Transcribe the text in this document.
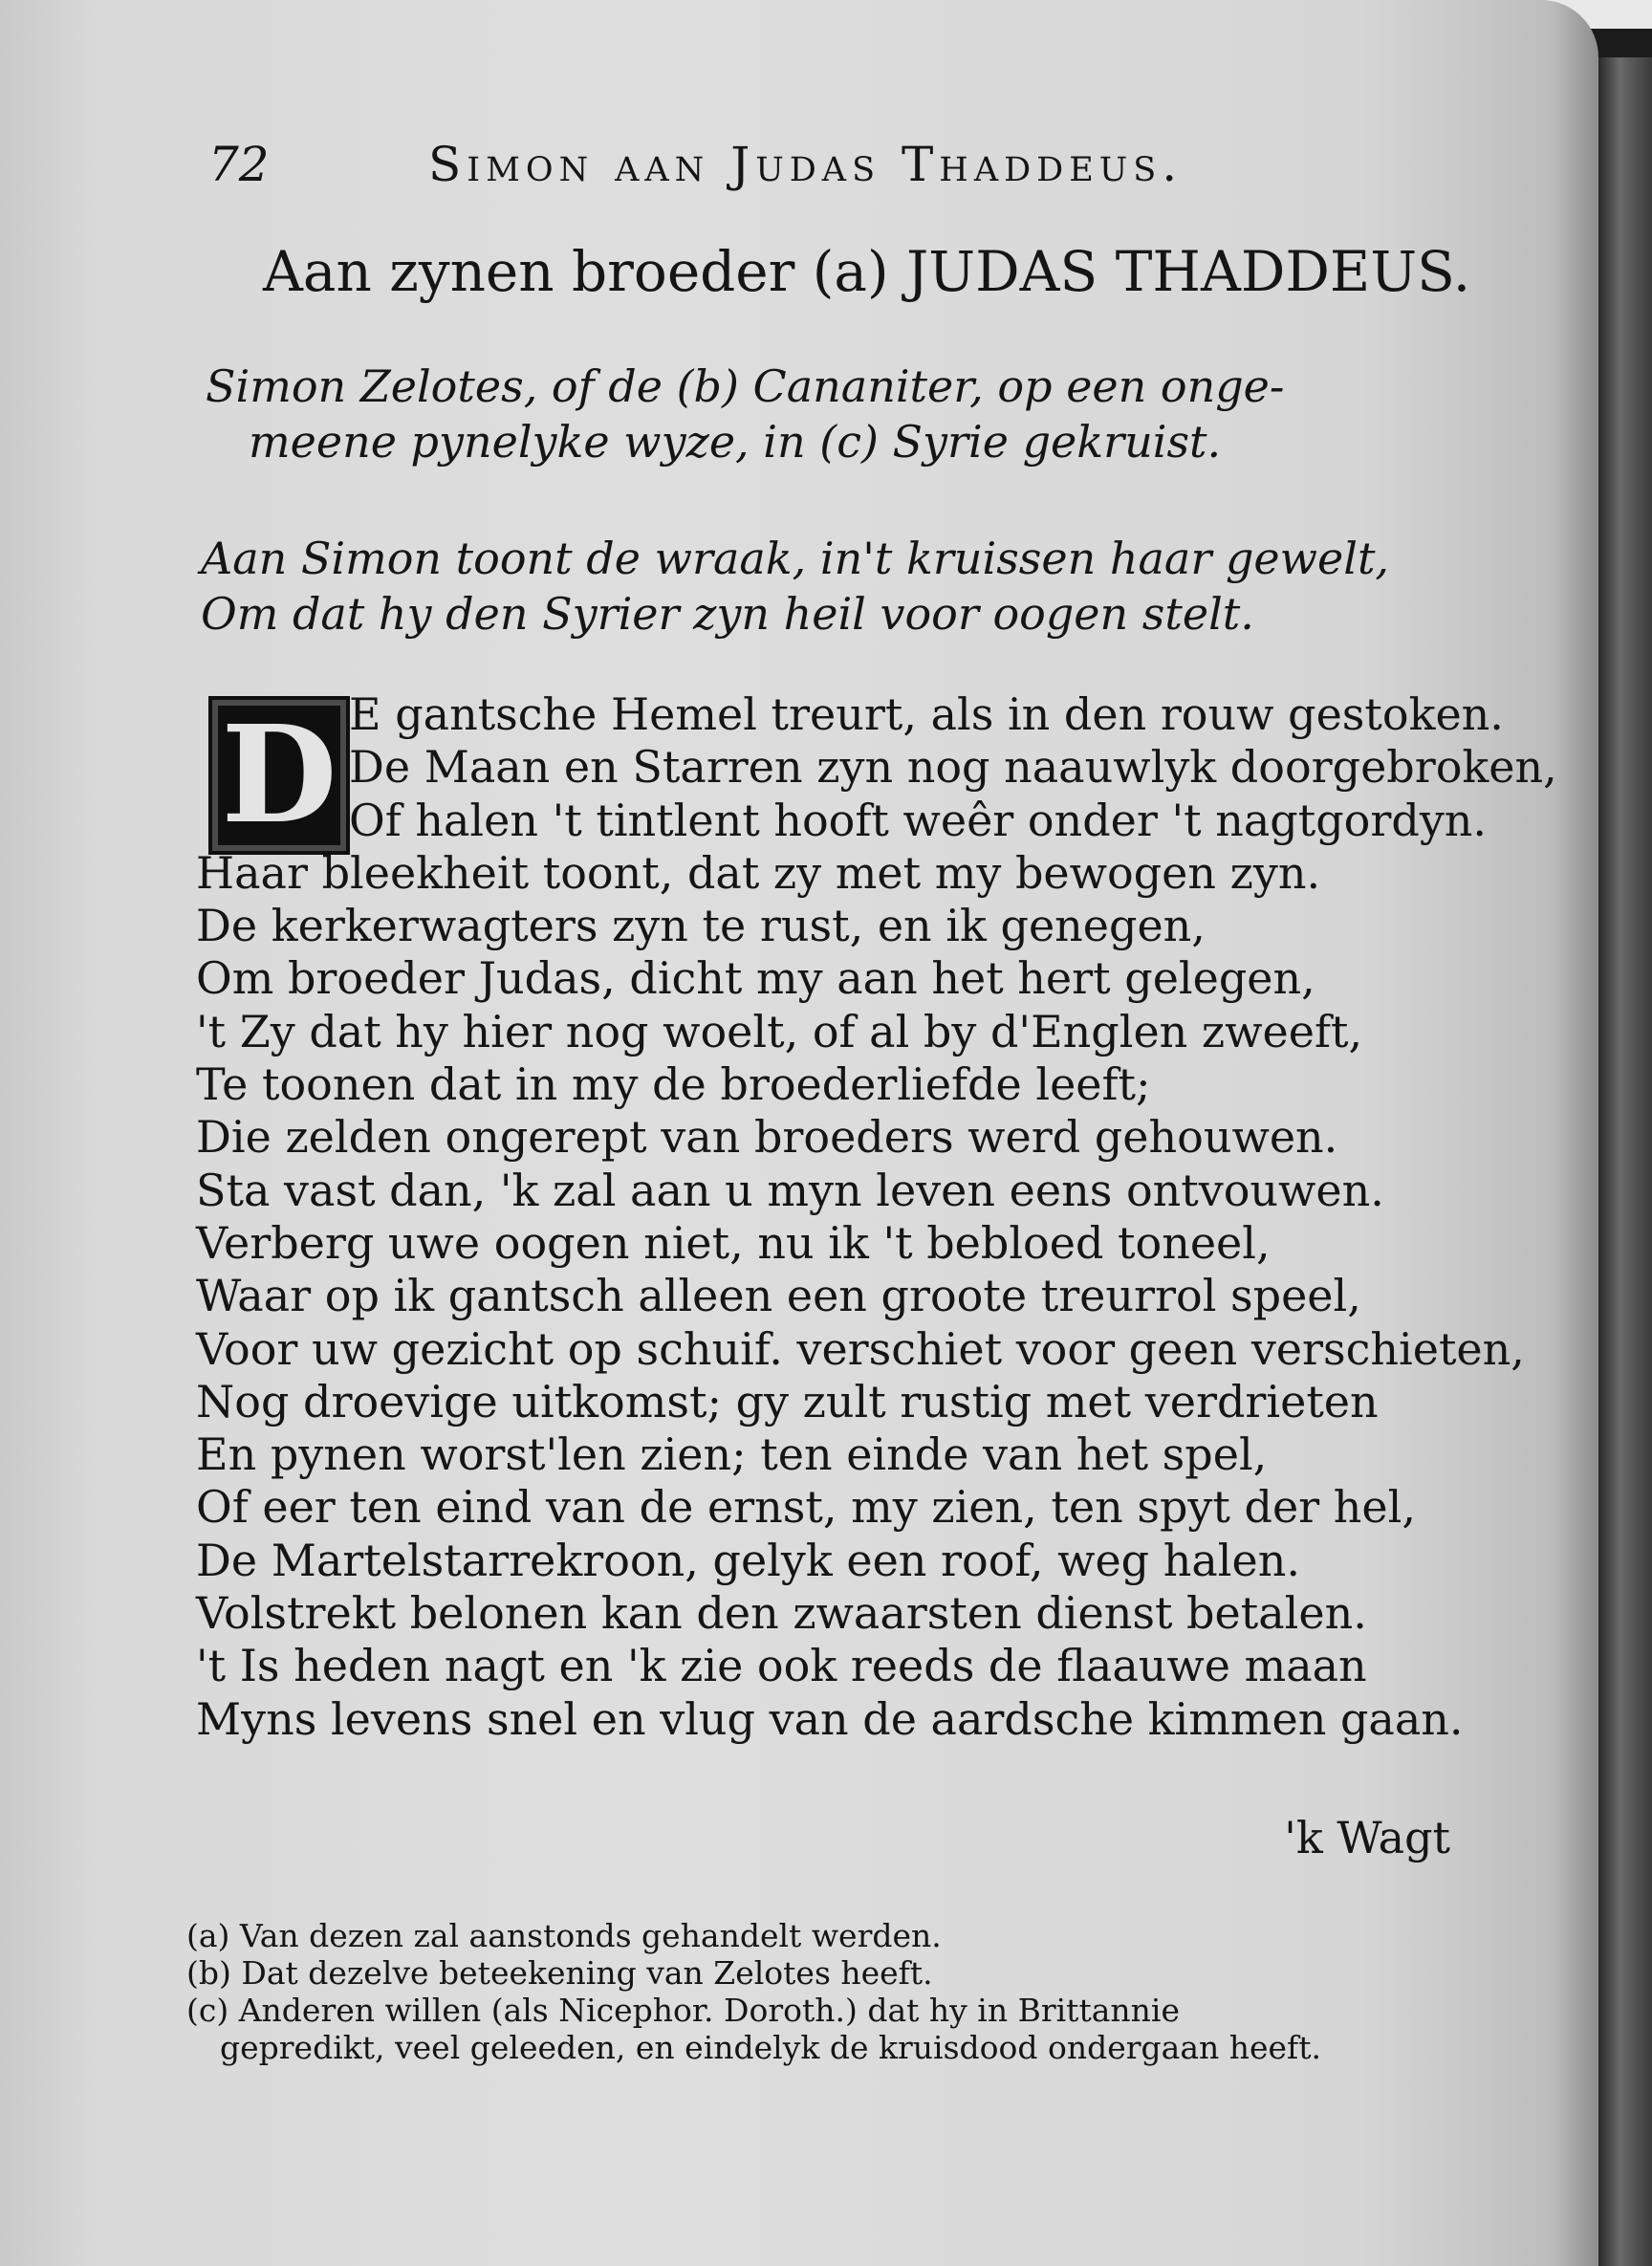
72	Simon aan Judas Thaddeus.
Aan zynen broeder (a) JUDAS THADDEUS.
Simon Zelotes, of de (b) Cananiter, op een onge-
meene pynelyke wyze, in (c) Syrie gekruist.
Aan Simon toont de wraak, in't kruissen haar gewelt,
Om dat hy den Syrier zyn heil voor oogen stelt.
D E gantsche Hemel treurt, als in den rouw gestoken.
De Maan en Starren zyn nog naauwlyk doorgebroken,
Of halen 't tintlent hooft weêr onder 't nagtgordyn.
Haar bleekheit toont, dat zy met my bewogen zyn.
De kerkerwagters zyn te rust, en ik genegen,
Om broeder Judas, dicht my aan het hert gelegen,
't Zy dat hy hier nog woelt, of al by d'Englen zweeft,
Te toonen dat in my de broederliefde leeft;
Die zelden ongerept van broeders werd gehouwen.
Sta vast dan, 'k zal aan u myn leven eens ontvouwen.
Verberg uwe oogen niet, nu ik 't bebloed toneel,
Waar op ik gantsch alleen een groote treurrol speel,
Voor uw gezicht op schuif. verschiet voor geen verschieten,
Nog droevige uitkomst; gy zult rustig met verdrieten
En pynen worst'len zien; ten einde van het spel,
Of eer ten eind van de ernst, my zien, ten spyt der hel,
De Martelstarrekroon, gelyk een roof, weg halen.
Volstrekt belonen kan den zwaarsten dienst betalen.
't Is heden nagt en 'k zie ook reeds de flaauwe maan
Myns levens snel en vlug van de aardsche kimmen gaan.
'k Wagt
(a) Van dezen zal aanstonds gehandelt werden.
(b) Dat dezelve beteekening van Zelotes heeft.
(c) Anderen willen (als Nicephor. Doroth.) dat hy in Brittannie
gepredikt, veel geleeden, en eindelyk de kruisdood ondergaan heeft.
